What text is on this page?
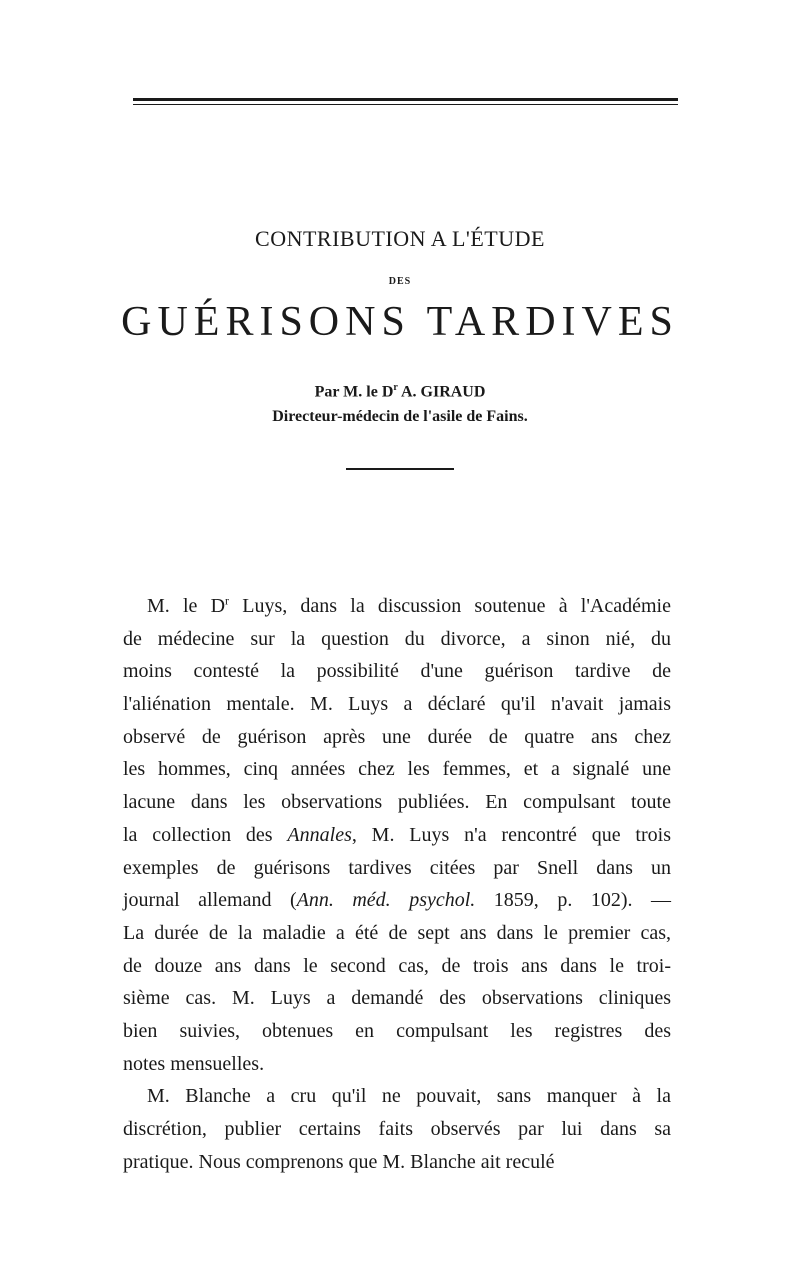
CONTRIBUTION A L'ÉTUDE
DES
GUÉRISONS TARDIVES
Par M. le $D^r$ A. GIRAUD
Directeur-médecin de l'asile de Fains.
M. le $D^r$ Luys, dans la discussion soutenue à l'Académie
de médecine sur la question du divorce, a sinon nié, du
moins contesté la possibilité d'une guérison tardive de
l'aliénation mentale. M. Luys a déclaré qu'il n'avait jamais
observé de guérison après une durée de quatre ans chez
les hommes, cinq années chez les femmes, et a signalé une
lacune dans les observations publiées. En compulsant toute
la collection des Annales, M. Luys n'a rencontré que trois
exemples de guérisons tardives citées par Snell dans un
journal allemand (Ann. méd. psychol. 1859, p. 102). —
La durée de la maladie a été de sept ans dans le premier cas,
de douze ans dans le second cas, de trois ans dans le troi-
sième cas. M. Luys a demandé des observations cliniques
bien suivies, obtenues en compulsant les registres des
notes mensuelles.
M. Blanche a cru qu'il ne pouvait, sans manquer à la
discrétion, publier certains faits observés par lui dans sa
pratique. Nous comprenons que M. Blanche ait reculé
